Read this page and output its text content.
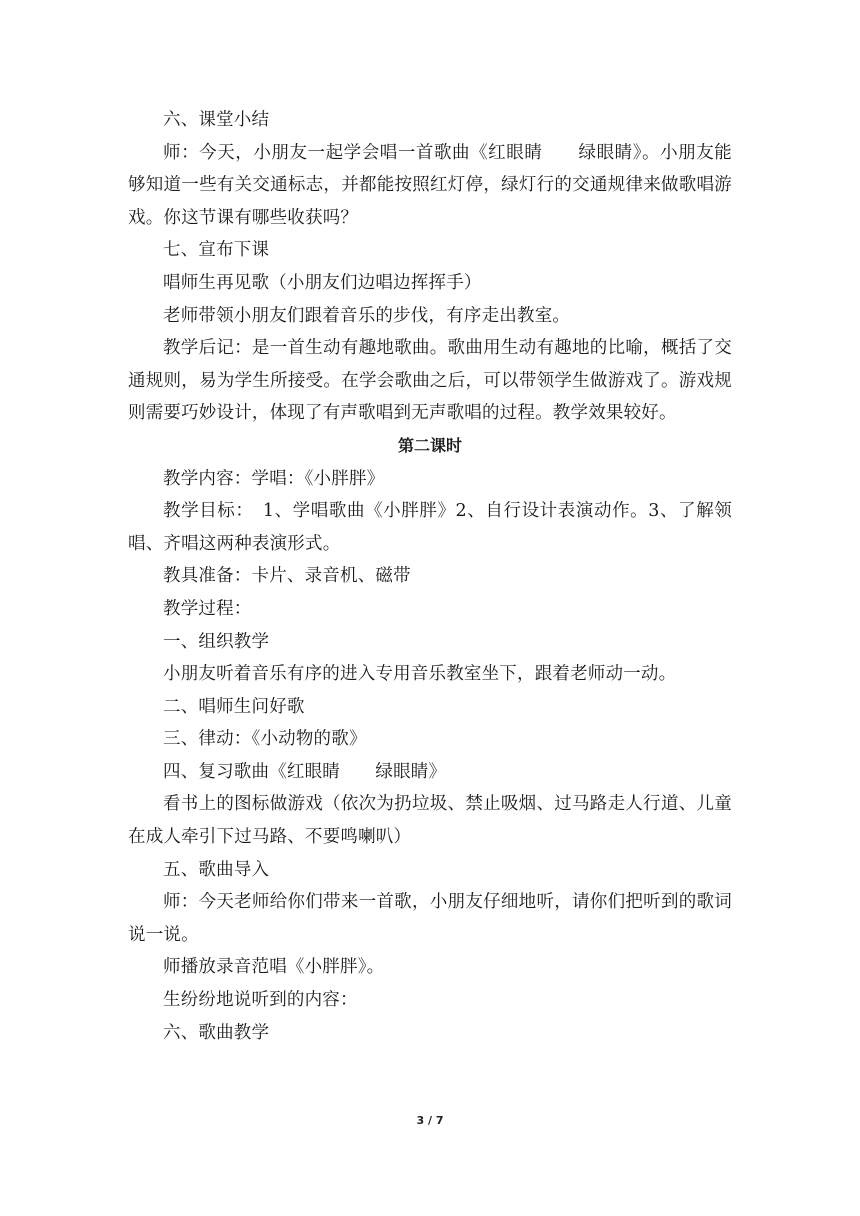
六、课堂小结

师：今天，小朋友一起学会唱一首歌曲《红眼睛　　绿眼睛》。小朋友能够知道一些有关交通标志，并都能按照红灯停，绿灯行的交通规律来做歌唱游戏。你这节课有哪些收获吗？

七、宣布下课

唱师生再见歌（小朋友们边唱边挥挥手）

老师带领小朋友们跟着音乐的步伐，有序走出教室。

教学后记：是一首生动有趣地歌曲。歌曲用生动有趣地的比喻，概括了交通规则，易为学生所接受。在学会歌曲之后，可以带领学生做游戏了。游戏规则需要巧妙设计，体现了有声歌唱到无声歌唱的过程。教学效果较好。

第二课时

教学内容：学唱：《小胖胖》

教学目标：　1、学唱歌曲《小胖胖》2、自行设计表演动作。3、了解领唱、齐唱这两种表演形式。

教具准备：卡片、录音机、磁带

教学过程：

一、组织教学

小朋友听着音乐有序的进入专用音乐教室坐下，跟着老师动一动。

二、唱师生问好歌

三、律动：《小动物的歌》

四、复习歌曲《红眼睛　　绿眼睛》

看书上的图标做游戏（依次为扔垃圾、禁止吸烟、过马路走人行道、儿童在成人牵引下过马路、不要鸣喇叭）

五、歌曲导入

师：今天老师给你们带来一首歌，小朋友仔细地听，请你们把听到的歌词说一说。

师播放录音范唱《小胖胖》。

生纷纷地说听到的内容：

六、歌曲教学

3 / 7
